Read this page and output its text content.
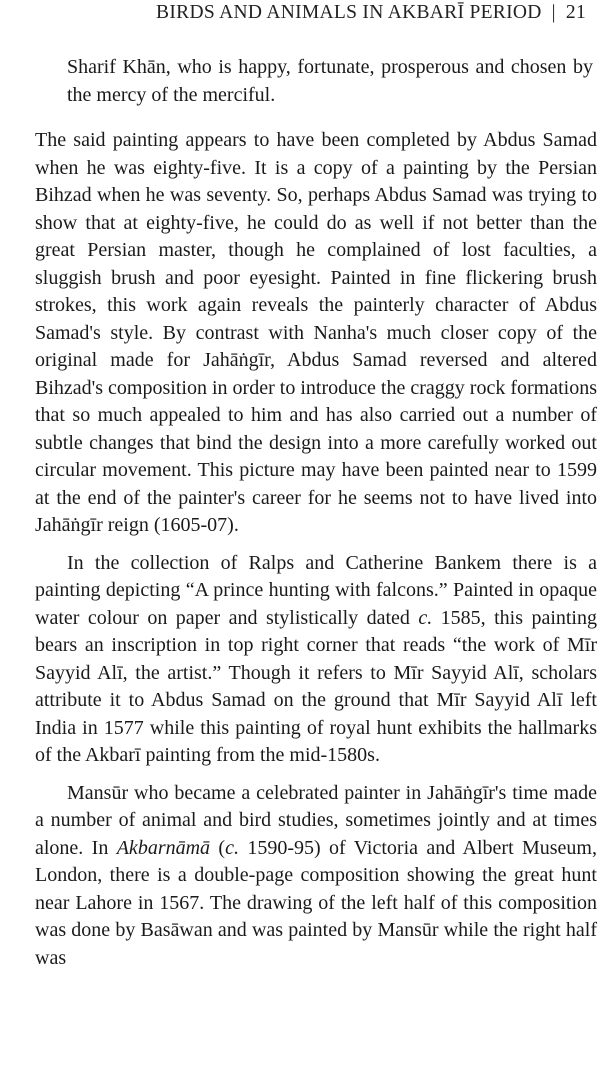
BIRDS AND ANIMALS IN AKBARĪ PERIOD | 21

Sharif Khān, who is happy, fortunate, prosperous and chosen by the mercy of the merciful.

The said painting appears to have been completed by Abdus Samad when he was eighty-five. It is a copy of a painting by the Persian Bihzad when he was seventy. So, perhaps Abdus Samad was trying to show that at eighty-five, he could do as well if not better than the great Persian master, though he complained of lost faculties, a sluggish brush and poor eyesight. Painted in fine flickering brush strokes, this work again reveals the painterly character of Abdus Samad's style. By contrast with Nanha's much closer copy of the original made for Jahāṅgīr, Abdus Samad reversed and altered Bihzad's composition in order to introduce the craggy rock formations that so much appealed to him and has also carried out a number of subtle changes that bind the design into a more carefully worked out circular movement. This picture may have been painted near to 1599 at the end of the painter's career for he seems not to have lived into Jahāṅgīr reign (1605-07).

In the collection of Ralps and Catherine Bankem there is a painting depicting “A prince hunting with falcons.” Painted in opaque water colour on paper and stylistically dated c. 1585, this painting bears an inscription in top right corner that reads “the work of Mīr Sayyid Alī, the artist.” Though it refers to Mīr Sayyid Alī, scholars attribute it to Abdus Samad on the ground that Mīr Sayyid Alī left India in 1577 while this painting of royal hunt exhibits the hallmarks of the Akbarī painting from the mid-1580s.

Mansūr who became a celebrated painter in Jahāṅgīr's time made a number of animal and bird studies, sometimes jointly and at times alone. In Akbarnāmā (c. 1590-95) of Victoria and Albert Museum, London, there is a double-page composition showing the great hunt near Lahore in 1567. The drawing of the left half of this composition was done by Basāwan and was painted by Mansūr while the right half was
